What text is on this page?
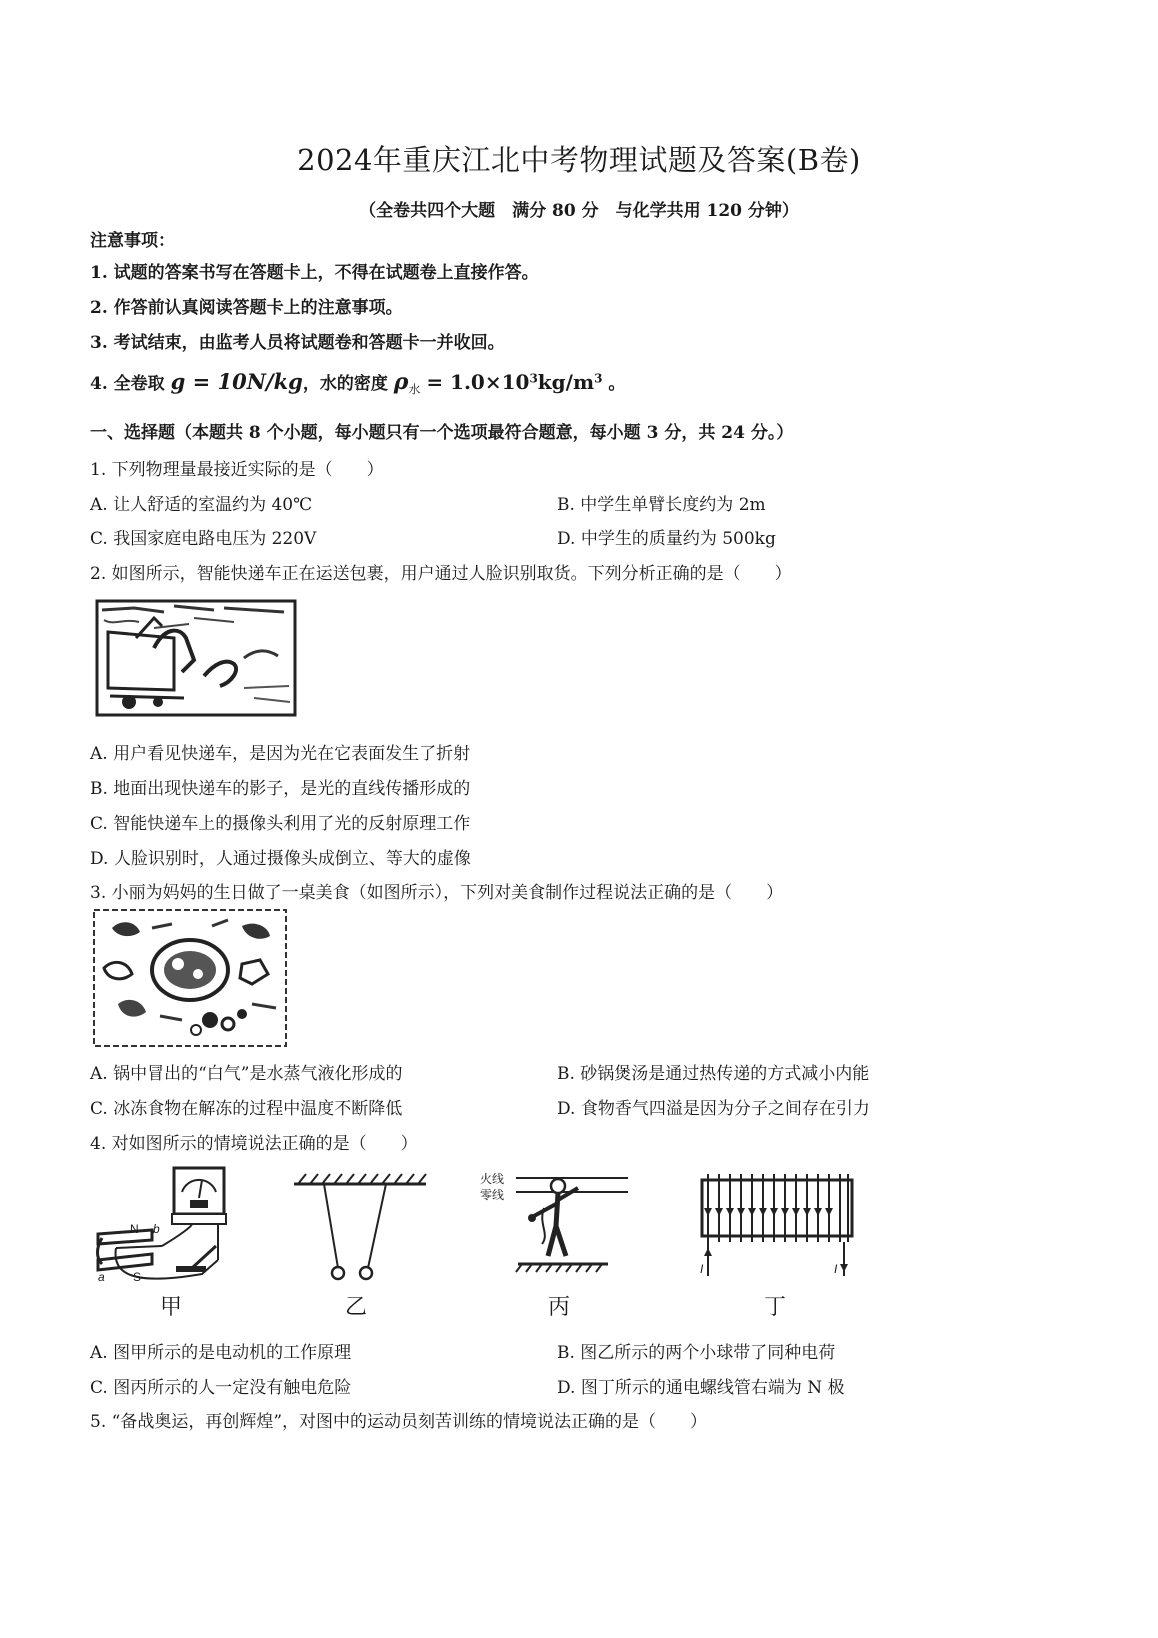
2024年重庆江北中考物理试题及答案(B卷)
（全卷共四个大题　满分 80 分　与化学共用 120 分钟）
注意事项：
1. 试题的答案书写在答题卡上，不得在试题卷上直接作答。
2. 作答前认真阅读答题卡上的注意事项。
3. 考试结束，由监考人员将试题卷和答题卡一并收回。
4. 全卷取 g = 10N/kg，水的密度 $\rho_水 = 1.0\times 10^3kg/m^3$ 。
一、选择题（本题共 8 个小题，每小题只有一个选项最符合题意，每小题 3 分，共 24 分。）
1. 下列物理量最接近实际的是（　　）
A. 让人舒适的室温约为 40℃	B. 中学生单臂长度约为 2m
C. 我国家庭电路电压为 220V	D. 中学生的质量约为 500kg
2. 如图所示，智能快递车正在运送包裹，用户通过人脸识别取货。下列分析正确的是（　　）
A. 用户看见快递车，是因为光在它表面发生了折射
B. 地面出现快递车的影子，是光的直线传播形成的
C. 智能快递车上的摄像头利用了光的反射原理工作
D. 人脸识别时，人通过摄像头成倒立、等大的虚像
3. 小丽为妈妈的生日做了一桌美食（如图所示），下列对美食制作过程说法正确的是（　　）
A. 锅中冒出的“白气”是水蒸气液化形成的	B. 砂锅煲汤是通过热传递的方式减小内能
C. 冰冻食物在解冻的过程中温度不断降低	D. 食物香气四溢是因为分子之间存在引力
4. 对如图所示的情境说法正确的是（　　）
N b
a S
甲	乙
火线
零线
丙
I	I
丁
A. 图甲所示的是电动机的工作原理	B. 图乙所示的两个小球带了同种电荷
C. 图丙所示的人一定没有触电危险	D. 图丁所示的通电螺线管右端为 N 极
5. “备战奥运，再创辉煌”，对图中的运动员刻苦训练的情境说法正确的是（　　）
